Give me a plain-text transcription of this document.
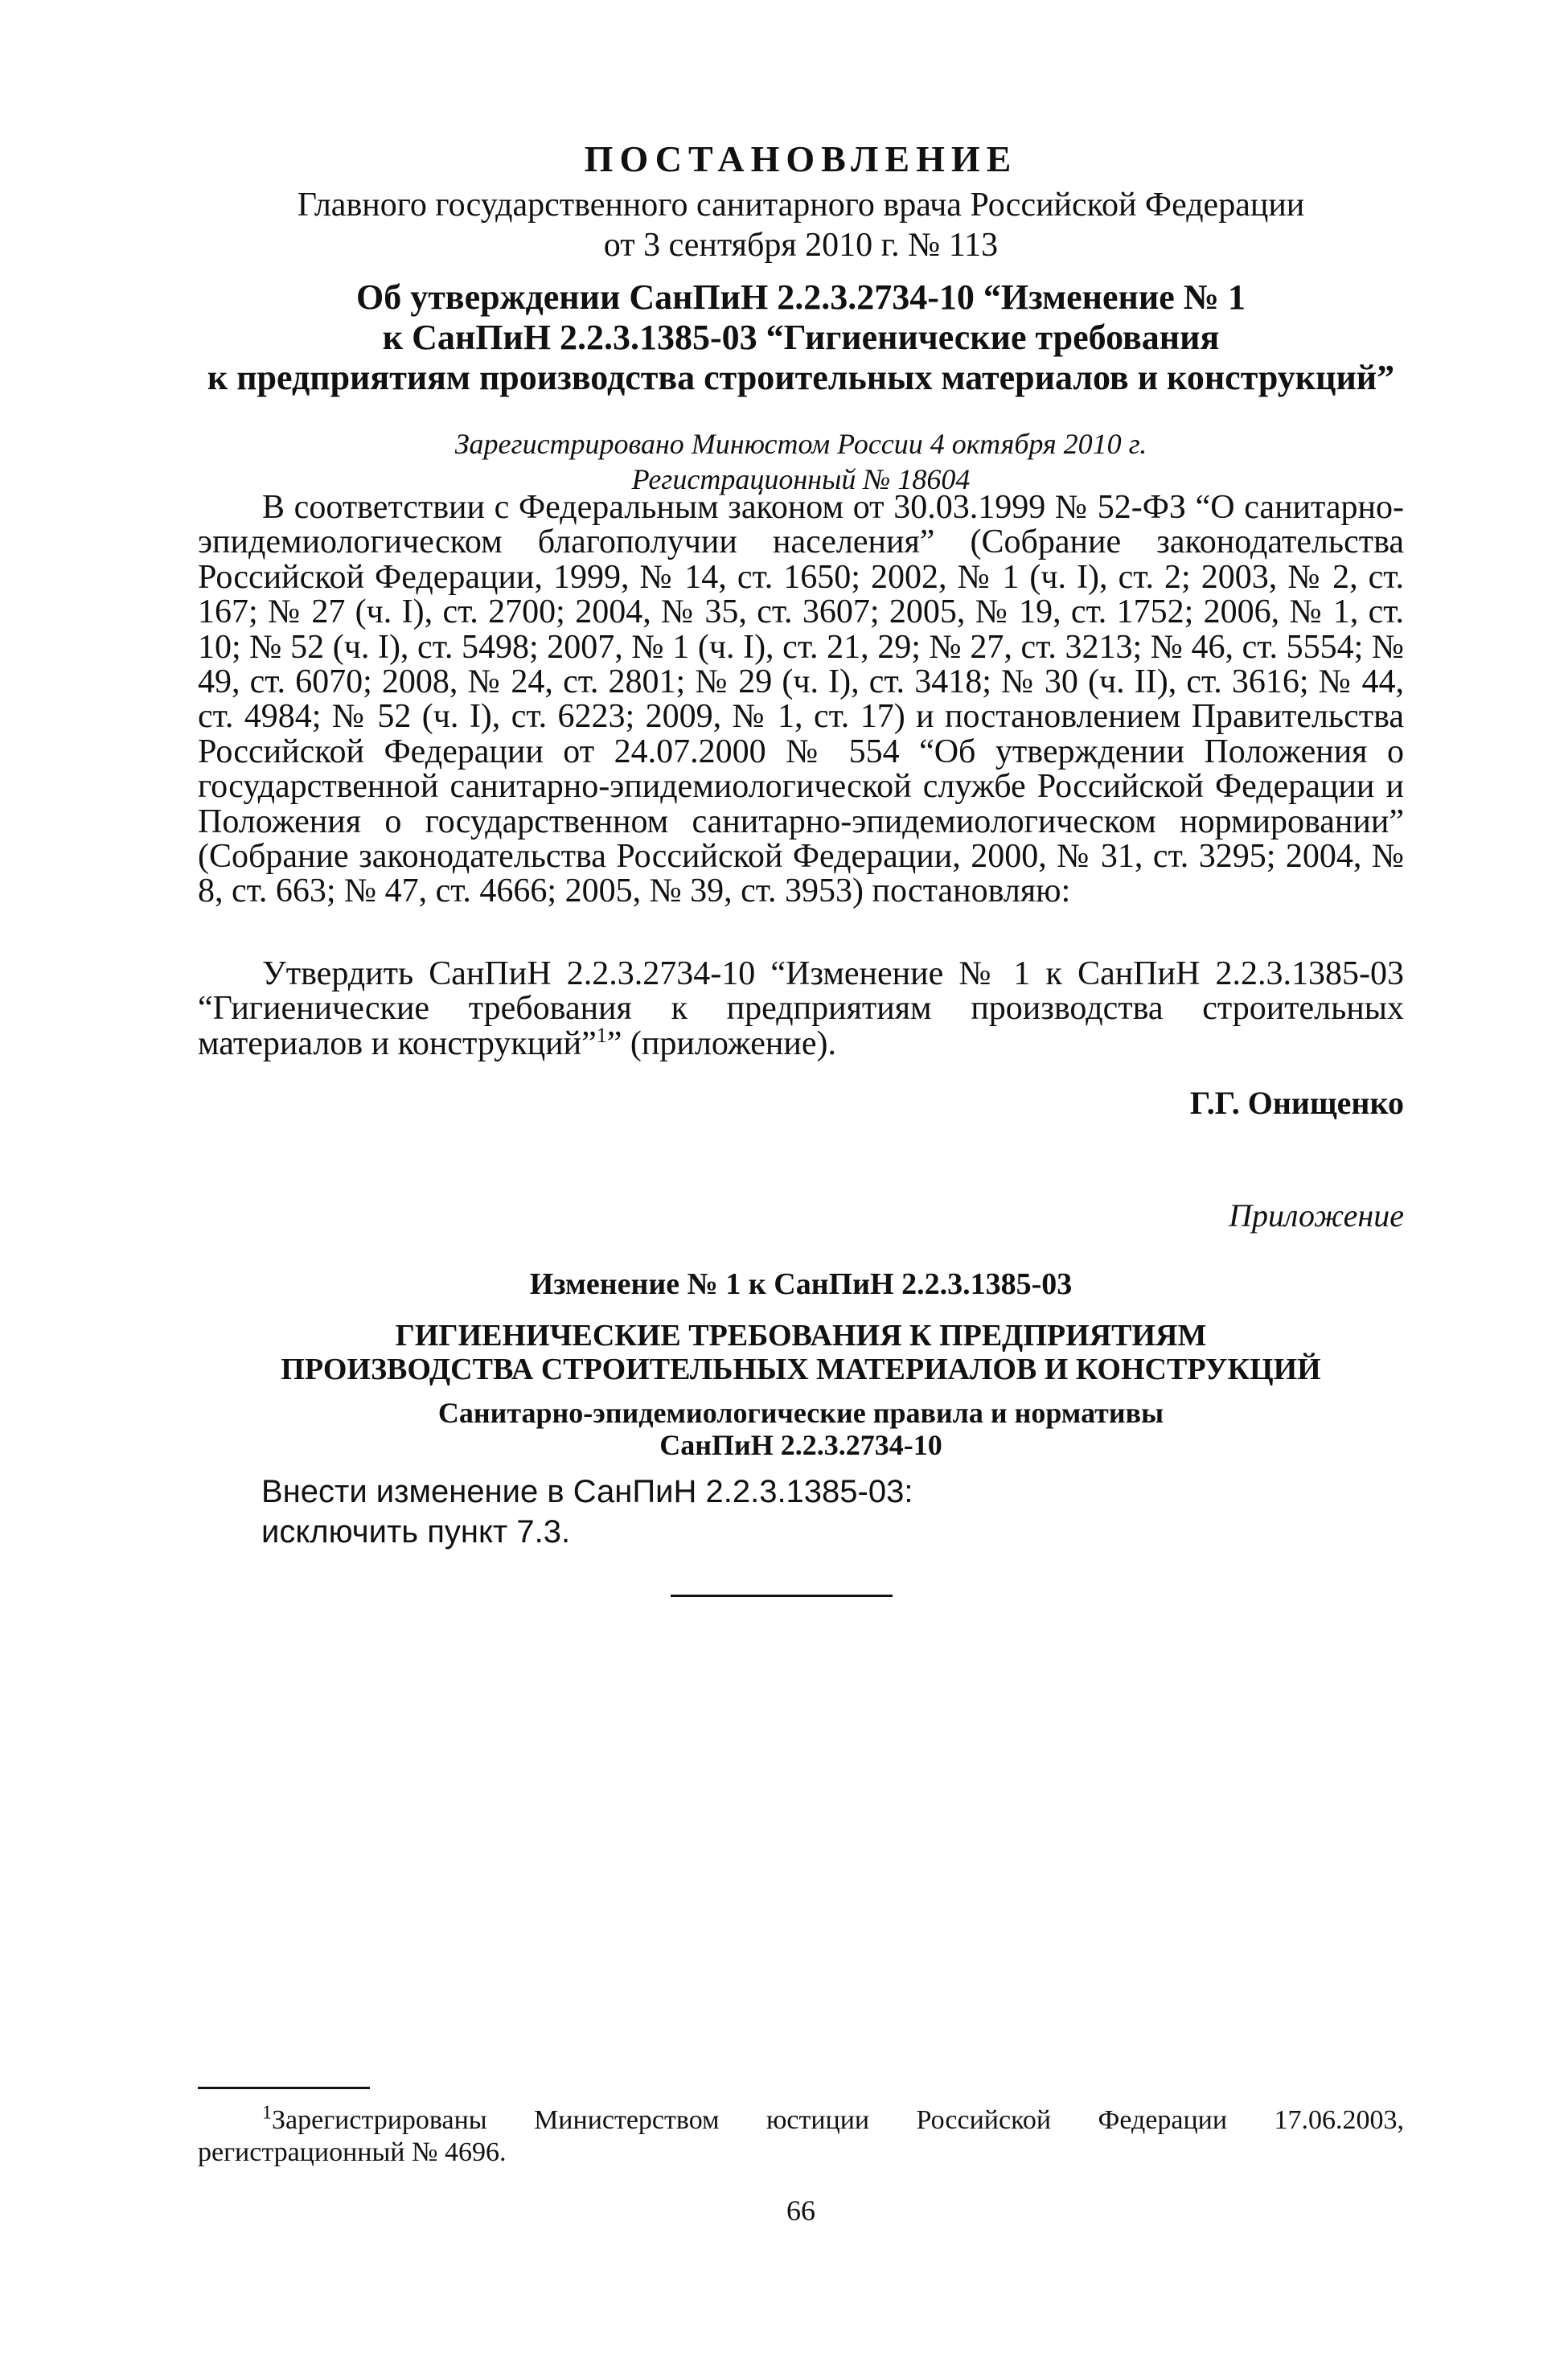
ПОСТАНОВЛЕНИЕ
Главного государственного санитарного врача Российской Федерации
от 3 сентября 2010 г. № 113
Об утверждении СанПиН 2.2.3.2734-10 “Изменение № 1
к СанПиН 2.2.3.1385-03 “Гигиенические требования
к предприятиям производства строительных материалов и конструкций”
Зарегистрировано Минюстом России 4 октября 2010 г.
Регистрационный № 18604
В соответствии с Федеральным законом от 30.03.1999 № 52-ФЗ “О санитарно-эпидемиологическом благополучии населения” (Собрание законодательства Российской Федерации, 1999, № 14, ст. 1650; 2002, № 1 (ч. I), ст. 2; 2003, № 2, ст. 167; № 27 (ч. I), ст. 2700; 2004, № 35, ст. 3607; 2005, № 19, ст. 1752; 2006, № 1, ст. 10; № 52 (ч. I), ст. 5498; 2007, № 1 (ч. I), ст. 21, 29; № 27, ст. 3213; № 46, ст. 5554; № 49, ст. 6070; 2008, № 24, ст. 2801; № 29 (ч. I), ст. 3418; № 30 (ч. II), ст. 3616; № 44, ст. 4984; № 52 (ч. I), ст. 6223; 2009, № 1, ст. 17) и постановлением Правительства Российской Федерации от 24.07.2000 № 554 “Об утверждении Положения о государственной санитарно-эпидемиологической службе Российской Федерации и Положения о государственном санитарно-эпидемиологическом нормировании” (Собрание законодательства Российской Федерации, 2000, № 31, ст. 3295; 2004, № 8, ст. 663; № 47, ст. 4666; 2005, № 39, ст. 3953) постановляю:
Утвердить СанПиН 2.2.3.2734-10 “Изменение № 1 к СанПиН 2.2.3.1385-03 “Гигиенические требования к предприятиям производства строительных материалов и конструкций”$^1$” (приложение).
Г.Г. Онищенко
Приложение
Изменение № 1 к СанПиН 2.2.3.1385-03
ГИГИЕНИЧЕСКИЕ ТРЕБОВАНИЯ К ПРЕДПРИЯТИЯМ
ПРОИЗВОДСТВА СТРОИТЕЛЬНЫХ МАТЕРИАЛОВ И КОНСТРУКЦИЙ
Санитарно-эпидемиологические правила и нормативы
СанПиН 2.2.3.2734-10
Внести изменение в СанПиН 2.2.3.1385-03:
исключить пункт 7.3.
$^1$Зарегистрированы Министерством юстиции Российской Федерации 17.06.2003, регистрационный № 4696.
66
